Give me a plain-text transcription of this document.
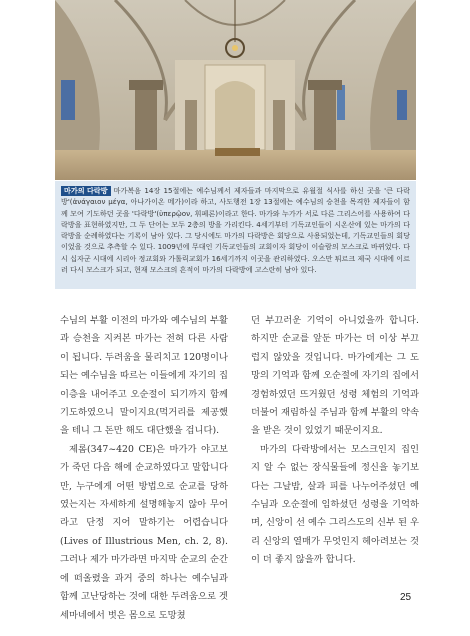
마가의 다락방 마가복음 14장 15절에는 예수님께서 제자들과 마지막으로 유월절 식사를 하신 곳을 '큰 다락방'(ἀνάγαιον μέγα, 아나가이온 메가)이라 하고, 사도행전 1장 13절에는 예수님의 승천을 목격한 제자들이 함께 모여 기도하던 곳을 '다락방'(ὑπερῷον, 휘페론)이라고 한다. 마가와 누가가 서로 다른 그리스어를 사용하여 다락방을 표현하였지만, 그 두 단어는 모두 2층의 방을 가리킨다. 4세기부터 기독교인들이 시온산에 있는 마가의 다락방을 순례하였다는 기록이 남아 있다. 그 당시에도 마가의 다락방은 회당으로 사용되었는데, 기독교인들의 회당이었을 것으로 추측할 수 있다. 1009년에 무대인 기독교인들의 교회이자 회당이 이슬람의 모스크로 바뀌었다. 다시 십자군 시대에 시리아 정교회와 가톨릭교회가 16세기까지 이곳을 관리하였다. 오스만 튀르크 제국 시대에 이르러 다시 모스크가 되고, 현재 모스크의 흔적이 마가의 다락방에 고스란히 남아 있다.

수님의 부활 이전의 마가와 예수님의 부활과 승천을 지켜본 마가는 전혀 다른 사람이 됩니다. 두려움을 물리치고 120명이나 되는 예수님을 따르는 이들에게 자기의 집 이층을 내어주고 오순절이 되기까지 함께 기도하였으니 말이지요(먹거리를 제공했을 테니 그 돈만 해도 대단했을 겁니다).

제롬(347~420 CE)은 마가가 야고보가 죽던 다음 해에 순교하였다고 말합니다만, 누구에게 어떤 방법으로 순교를 당하였는지는 자세하게 설명해놓지 않아 무어라고 단정 지어 말하기는 어렵습니다(Lives of Illustrious Men, ch. 2, 8). 그러나 제가 마가라면 마지막 순교의 순간에 떠올렸을 과거 중의 하나는 예수님과 함께 고난당하는 것에 대한 두려움으로 겟세마네에서 벗은 몸으로 도망쳤

던 부끄러운 기억이 아니었을까 합니다. 하지만 순교를 앞둔 마가는 더 이상 부끄럽지 않았을 것입니다. 마가에게는 그 도망의 기억과 함께 오순절에 자기의 집에서 경험하였던 뜨거웠던 성령 체험의 기억과 더불어 재림하실 주님과 함께 부활의 약속을 받은 것이 있었기 때문이지요.

마가의 다락방에서는 모스크인지 집인지 알 수 없는 장식물들에 정신을 놓기보다는 그날밤, 살과 피를 나누어주셨던 예수님과 오순절에 임하셨던 성령을 기억하며, 신앙이 선 예수 그리스도의 신부 된 우리 신앙의 열매가 무엇인지 헤아려보는 것이 더 좋지 않을까 합니다.

25
